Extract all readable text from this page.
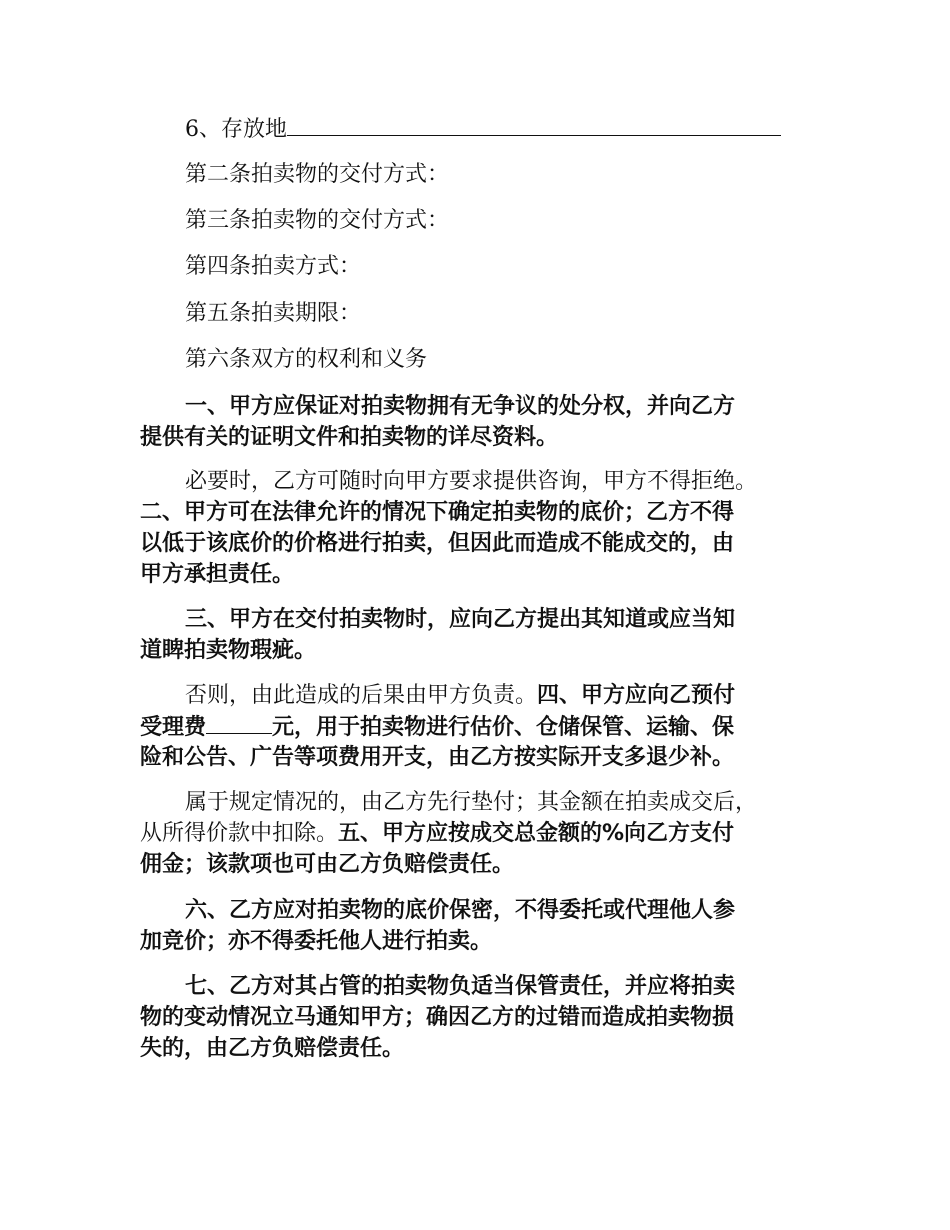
6、存放地
第二条拍卖物的交付方式：
第三条拍卖物的交付方式：
第四条拍卖方式：
第五条拍卖期限：
第六条双方的权利和义务
一、甲方应保证对拍卖物拥有无争议的处分权，并向乙方
提供有关的证明文件和拍卖物的详尽资料。
必要时，乙方可随时向甲方要求提供咨询，甲方不得拒绝。
二、甲方可在法律允许的情况下确定拍卖物的底价；乙方不得
以低于该底价的价格进行拍卖，但因此而造成不能成交的，由
甲方承担责任。
三、甲方在交付拍卖物时，应向乙方提出其知道或应当知
道睥拍卖物瑕疵。
否则，由此造成的后果由甲方负责。四、甲方应向乙预付
受理费	元，用于拍卖物进行估价、仓储保管、运输、保
险和公告、广告等项费用开支，由乙方按实际开支多退少补。
属于规定情况的，由乙方先行垫付；其金额在拍卖成交后，
从所得价款中扣除。五、甲方应按成交总金额的%向乙方支付
佣金；该款项也可由乙方负赔偿责任。
六、乙方应对拍卖物的底价保密，不得委托或代理他人参
加竞价；亦不得委托他人进行拍卖。
七、乙方对其占管的拍卖物负适当保管责任，并应将拍卖
物的变动情况立马通知甲方；确因乙方的过错而造成拍卖物损
失的，由乙方负赔偿责任。
